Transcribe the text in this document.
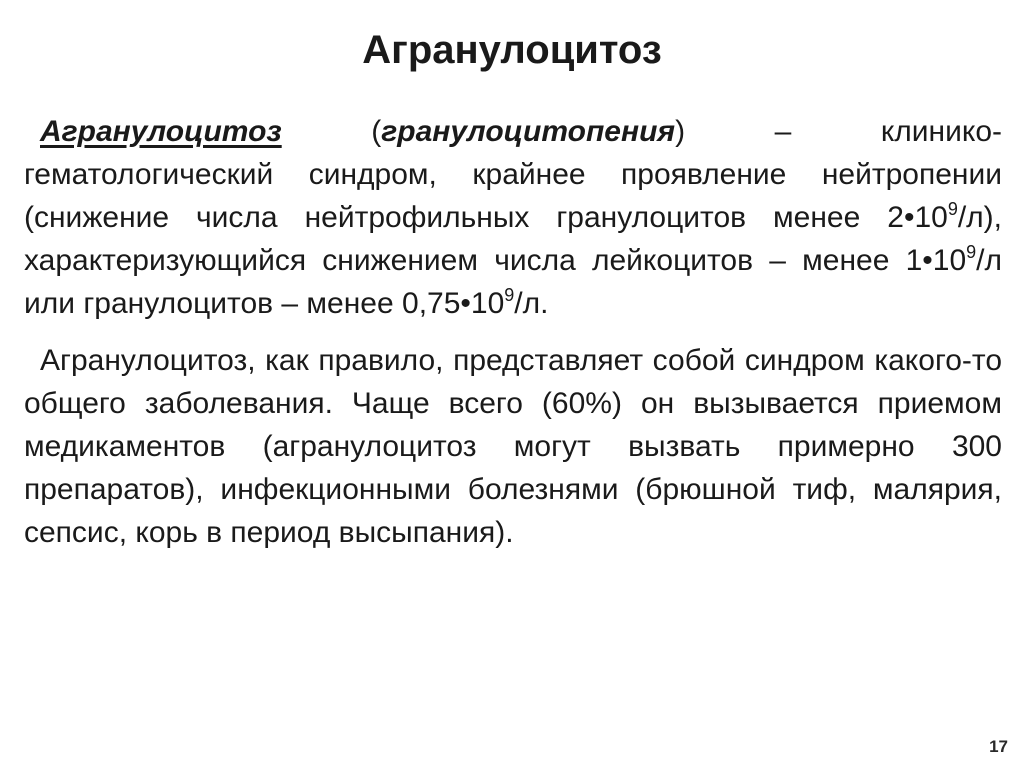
Агранулоцитоз

Агранулоцитоз (гранулоцитопения) – клинико-гематологический синдром, крайнее проявление нейтропении (снижение числа нейтрофильных гранулоцитов менее $2•10^9/л$), характеризующийся снижением числа лейкоцитов – менее $1•10^9/л$ или гранулоцитов – менее $0,75•10^9/л$.

Агранулоцитоз, как правило, представляет собой синдром какого-то общего заболевания. Чаще всего (60%) он вызывается приемом медикаментов (агранулоцитоз могут вызвать примерно 300 препаратов), инфекционными болезнями (брюшной тиф, малярия, сепсис, корь в период высыпания).

17
